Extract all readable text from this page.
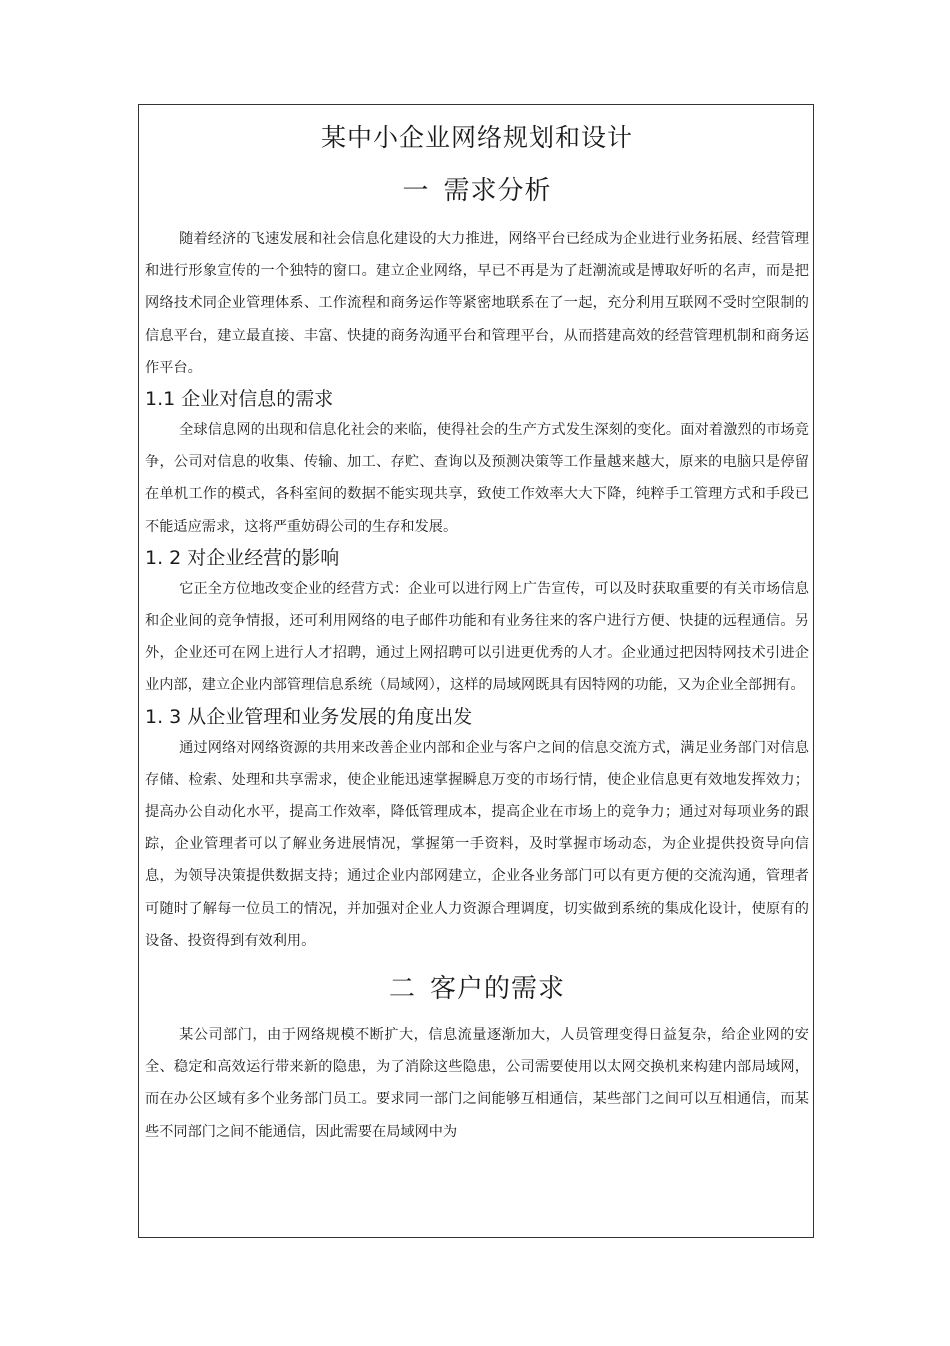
某中小企业网络规划和设计
一 需求分析

随着经济的飞速发展和社会信息化建设的大力推进，网络平台已经成为企业进行业务拓展、经营管理和进行形象宣传的一个独特的窗口。建立企业网络，早已不再是为了赶潮流或是博取好听的名声，而是把网络技术同企业管理体系、工作流程和商务运作等紧密地联系在了一起，充分利用互联网不受时空限制的信息平台，建立最直接、丰富、快捷的商务沟通平台和管理平台，从而搭建高效的经营管理机制和商务运作平台。

1.1 企业对信息的需求

全球信息网的出现和信息化社会的来临，使得社会的生产方式发生深刻的变化。面对着激烈的市场竞争，公司对信息的收集、传输、加工、存贮、查询以及预测决策等工作量越来越大，原来的电脑只是停留在单机工作的模式，各科室间的数据不能实现共享，致使工作效率大大下降，纯粹手工管理方式和手段已不能适应需求，这将严重妨碍公司的生存和发展。

1. 2 对企业经营的影响

它正全方位地改变企业的经营方式：企业可以进行网上广告宣传，可以及时获取重要的有关市场信息和企业间的竞争情报，还可利用网络的电子邮件功能和有业务往来的客户进行方便、快捷的远程通信。另外，企业还可在网上进行人才招聘，通过上网招聘可以引进更优秀的人才。企业通过把因特网技术引进企业内部，建立企业内部管理信息系统（局域网），这样的局域网既具有因特网的功能，又为企业全部拥有。

1. 3 从企业管理和业务发展的角度出发

通过网络对网络资源的共用来改善企业内部和企业与客户之间的信息交流方式，满足业务部门对信息存储、检索、处理和共享需求，使企业能迅速掌握瞬息万变的市场行情，使企业信息更有效地发挥效力；提高办公自动化水平，提高工作效率，降低管理成本，提高企业在市场上的竞争力；通过对每项业务的跟踪，企业管理者可以了解业务进展情况，掌握第一手资料，及时掌握市场动态，为企业提供投资导向信息，为领导决策提供数据支持；通过企业内部网建立，企业各业务部门可以有更方便的交流沟通，管理者可随时了解每一位员工的情况，并加强对企业人力资源合理调度，切实做到系统的集成化设计，使原有的设备、投资得到有效利用。

二 客户的需求

某公司部门，由于网络规模不断扩大，信息流量逐渐加大，人员管理变得日益复杂，给企业网的安全、稳定和高效运行带来新的隐患，为了消除这些隐患，公司需要使用以太网交换机来构建内部局域网，而在办公区域有多个业务部门员工。要求同一部门之间能够互相通信，某些部门之间可以互相通信，而某些不同部门之间不能通信，因此需要在局域网中为
